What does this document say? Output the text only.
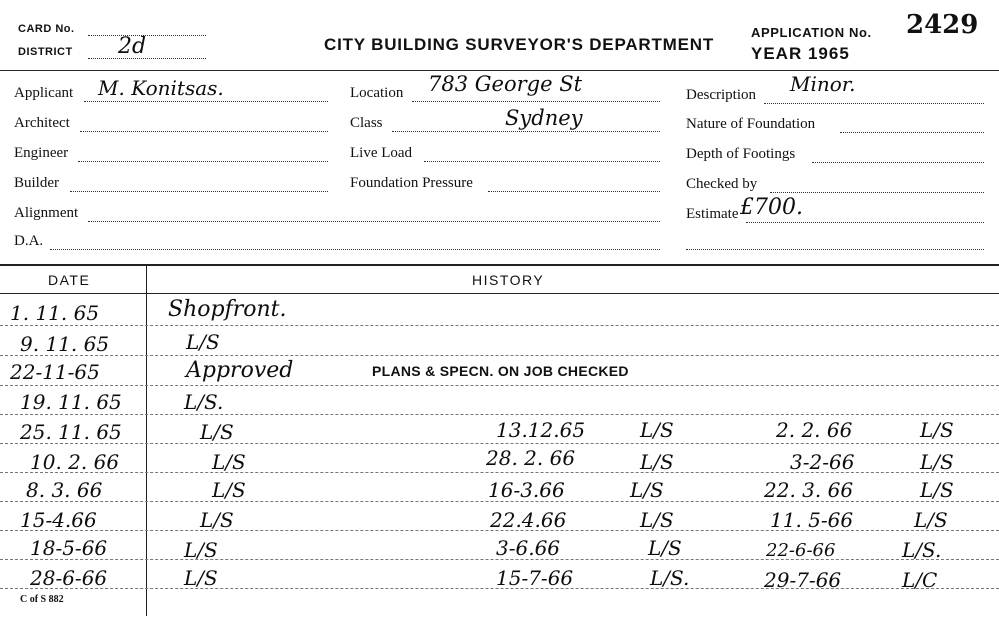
CARD No.
DISTRICT 2d	CITY BUILDING SURVEYOR'S DEPARTMENT
APPLICATION No. 2429
YEAR 1965
Applicant M. Konitsas.
Architect
Engineer
Builder
Alignment
D.A.
Location 783 George St
Class	Sydney
Live Load
Foundation Pressure
Description Minor.
Nature of Foundation
Depth of Footings
Checked by
Estimate £700.
DATE	HISTORY
1. 11. 65	Shopfront.
9. 11. 65	L/S
22-11-65	Approved	PLANS & SPECN. ON JOB CHECKED
19. 11. 65	L/S.
25. 11. 65	L/S	13.12.65	L/S	2. 2. 66	L/S
10. 2. 66	L/S	28. 2. 66	L/S	3-2-66	L/S
8. 3. 66	L/S	16-3.66	L/S	22. 3. 66	L/S
15-4.66	L/S	22.4.66	L/S	11. 5-66	L/S
18-5-66	L/S	3-6.66	L/S	22-6-66	L/S.
28-6-66	L/S	15-7-66	L/S.	29-7-66	L/C
C of S 882
